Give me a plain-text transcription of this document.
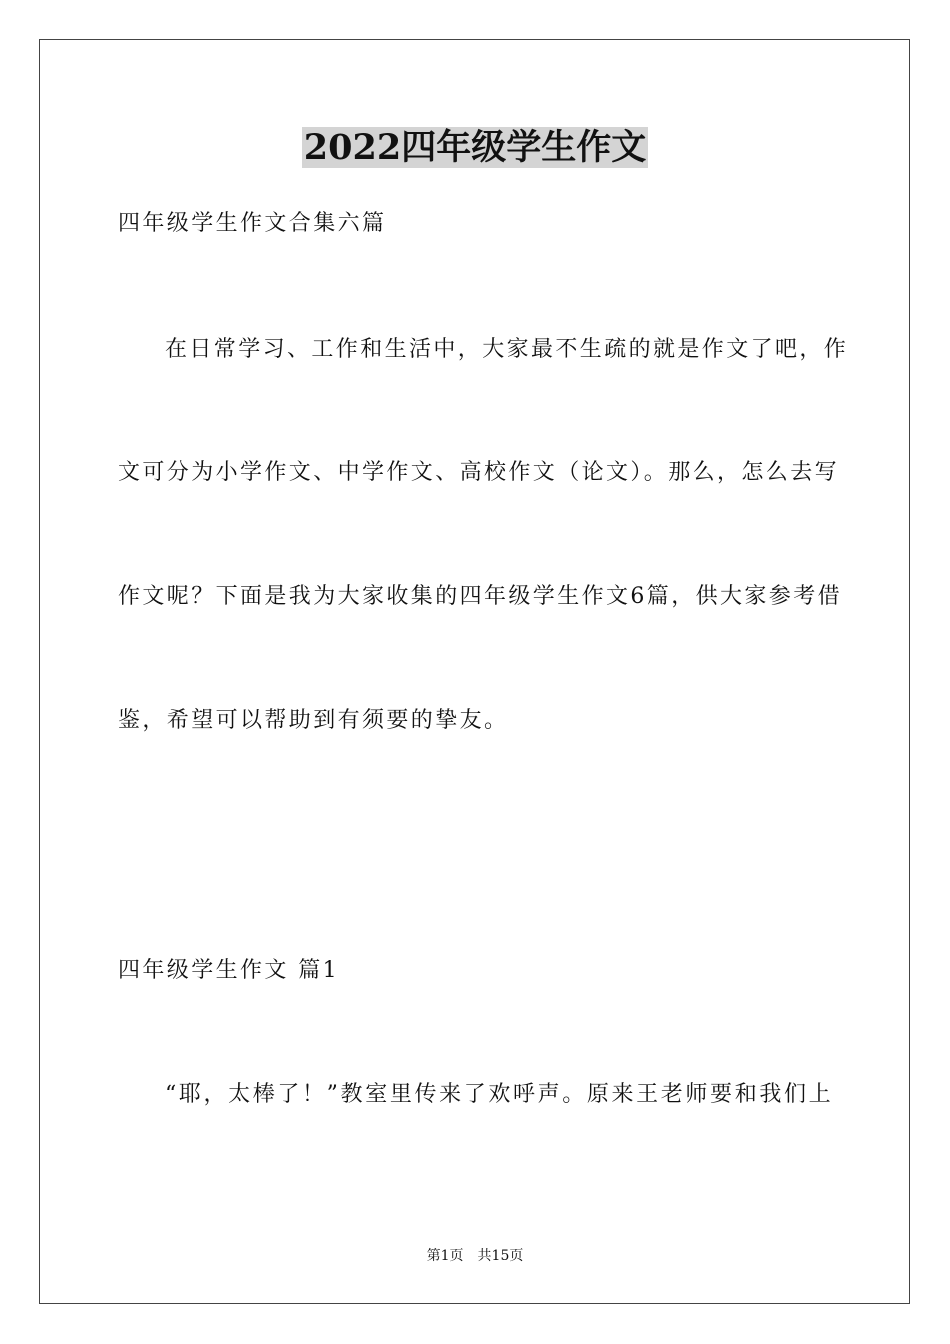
2022四年级学生作文
四年级学生作文合集六篇
在日常学习、工作和生活中，大家最不生疏的就是作文了吧，作
文可分为小学作文、中学作文、高校作文（论文）。那么，怎么去写
作文呢？下面是我为大家收集的四年级学生作文6篇，供大家参考借
鉴，希望可以帮助到有须要的挚友。
四年级学生作文 篇1
“耶，太棒了！”教室里传来了欢呼声。原来王老师要和我们上
第1页　共15页
